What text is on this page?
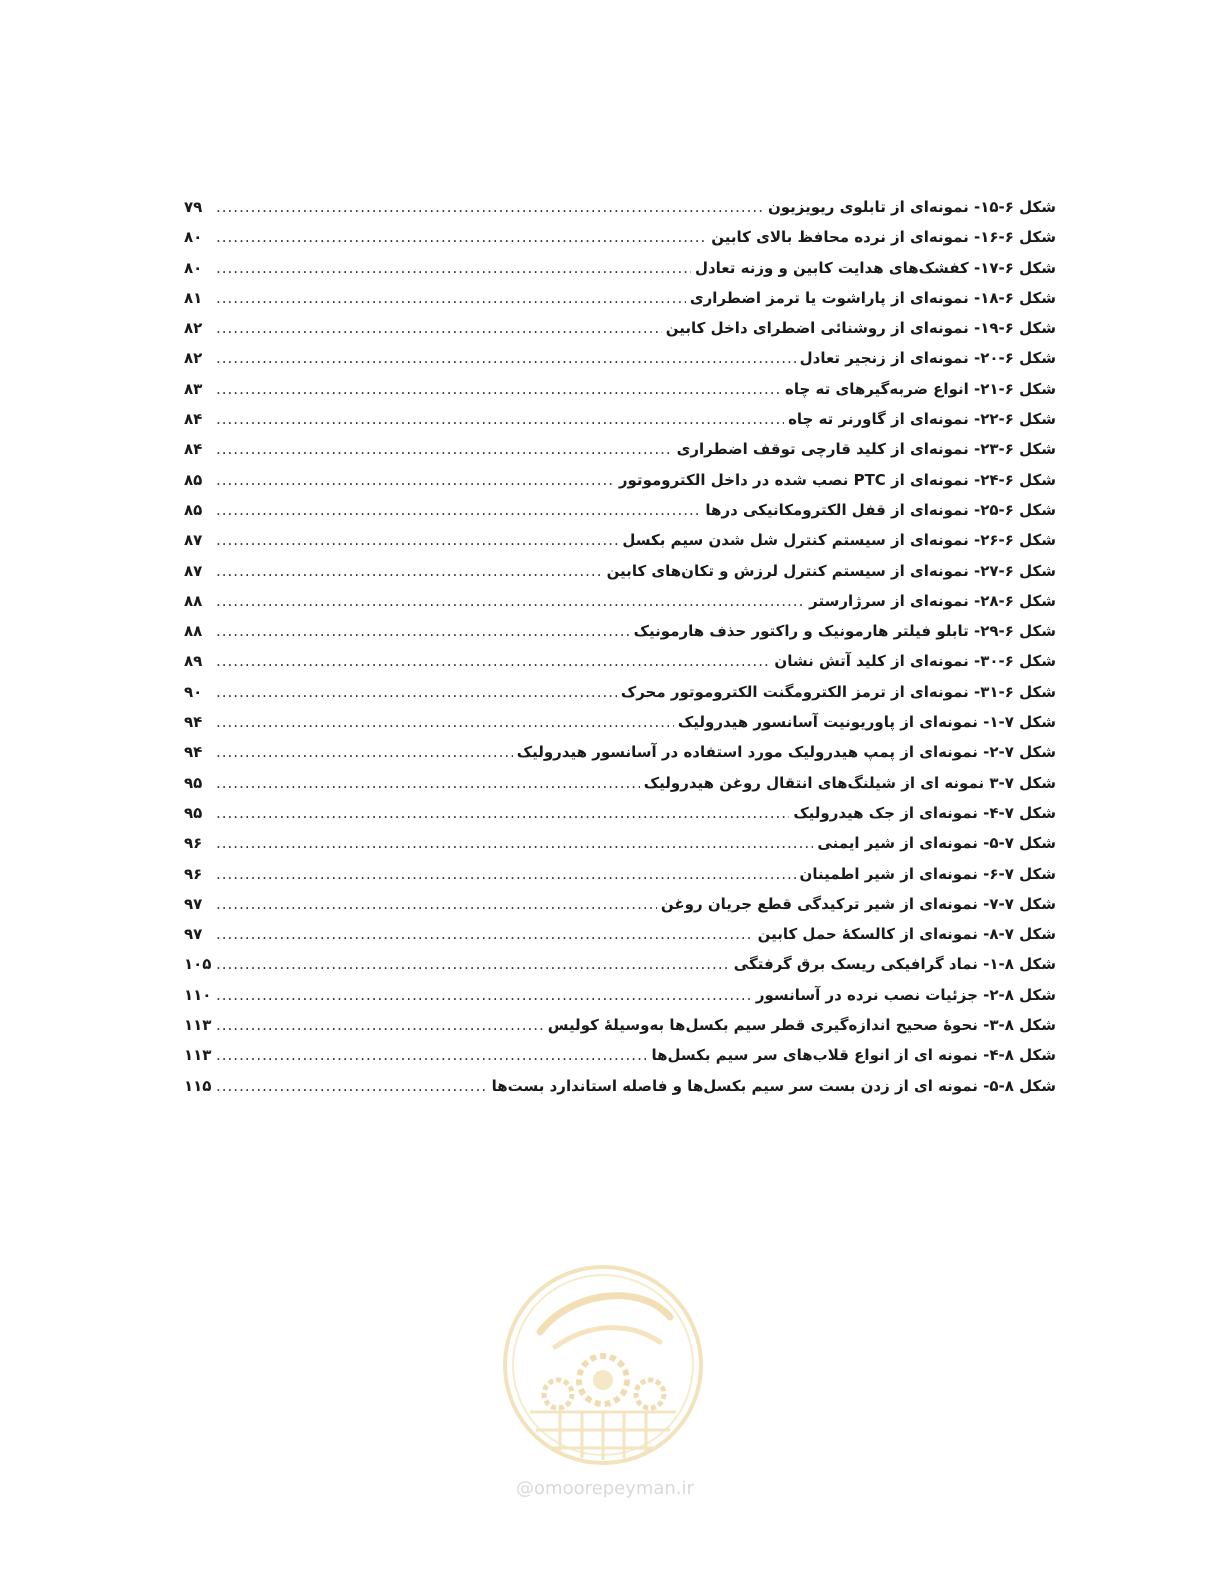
شکل ۶-۱۵- نمونه‌ای از تابلوی ریویزیون
.....
۷۹
شکل ۶-۱۶- نمونه‌ای از نرده محافظ بالای کابین
.....
۸۰
شکل ۶-۱۷- کفشک‌های هدایت کابین و وزنه تعادل
.....
۸۰
شکل ۶-۱۸- نمونه‌ای از پاراشوت یا ترمز اضطراری
.....
۸۱
شکل ۶-۱۹- نمونه‌ای از روشنائی اضطرای داخل کابین
.....
۸۲
شکل ۶-۲۰- نمونه‌ای از زنجیر تعادل
.....
۸۲
شکل ۶-۲۱- انواع ضربه‌گیرهای ته چاه
.....
۸۳
شکل ۶-۲۲- نمونه‌ای از گاورنر ته چاه
.....
۸۴
شکل ۶-۲۳- نمونه‌ای از کلید قارچی توقف اضطراری
.....
۸۴
شکل ۶-۲۴- نمونه‌ای از PTC نصب شده در داخل الکتروموتور
.....
۸۵
شکل ۶-۲۵- نمونه‌ای از قفل الکترومکانیکی درها
.....
۸۵
شکل ۶-۲۶- نمونه‌ای از سیستم کنترل شل شدن سیم بکسل
.....
۸۷
شکل ۶-۲۷- نمونه‌ای از سیستم کنترل لرزش و تکان‌های کابین
.....
۸۷
شکل ۶-۲۸- نمونه‌ای از سرژارستر
.....
۸۸
شکل ۶-۲۹- تابلو فیلتر هارمونیک و راکتور حذف هارمونیک
.....
۸۸
شکل ۶-۳۰- نمونه‌ای از کلید آتش نشان
.....
۸۹
شکل ۶-۳۱- نمونه‌ای از ترمز الکترومگنت الکتروموتور محرک
.....
۹۰
شکل ۷-۱- نمونه‌ای از پاوریونیت آسانسور هیدرولیک
.....
۹۴
شکل ۷-۲- نمونه‌ای از پمپ هیدرولیک مورد استفاده در آسانسور هیدرولیک
.....
۹۴
شکل ۷-۳ نمونه ای از شیلنگ‌های انتقال روغن هیدرولیک
.....
۹۵
شکل ۷-۴- نمونه‌ای از جک هیدرولیک
.....
۹۵
شکل ۷-۵- نمونه‌ای از شیر ایمنی
.....
۹۶
شکل ۷-۶- نمونه‌ای از شیر اطمینان
.....
۹۶
شکل ۷-۷- نمونه‌ای از شیر ترکیدگی قطع جریان روغن
.....
۹۷
شکل ۷-۸- نمونه‌ای از کالسکهٔ حمل کابین
.....
۹۷
شکل ۸-۱- نماد گرافیکی ریسک برق گرفتگی
.....
۱۰۵
شکل ۸-۲- جزئیات نصب نرده در آسانسور
.....
۱۱۰
شکل ۸-۳- نحوهٔ صحیح اندازه‌گیری قطر سیم بکسل‌ها به‌وسیلهٔ کولیس
.....
۱۱۳
شکل ۸-۴- نمونه ای از انواع قلاب‌های سر سیم بکسل‌ها
.....
۱۱۳
شکل ۸-۵- نمونه ای از زدن بست سر سیم بکسل‌ها و فاصله استاندارد بست‌ها
.....
۱۱۵
@omoorepeyman.ir
